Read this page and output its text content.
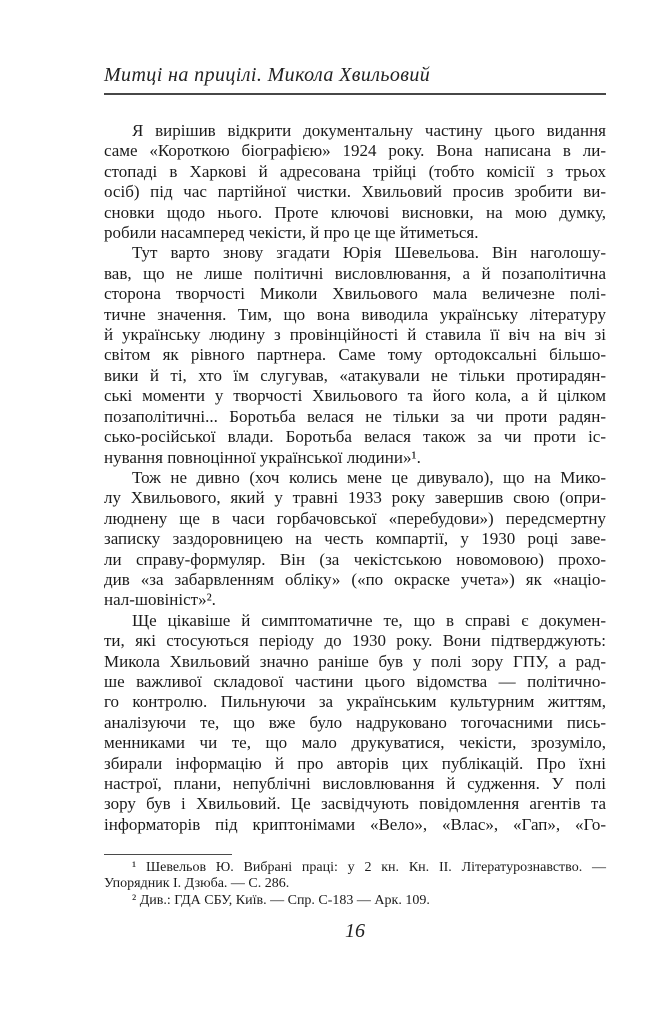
Митці на прицілі. Микола Хвильовий

Я вирішив відкрити документальну частину цього видання
саме «Короткою біографією» 1924 року. Вона написана в ли-
стопаді в Харкові й адресована трійці (тобто комісії з трьох
осіб) під час партійної чистки. Хвильовий просив зробити ви-
сновки щодо нього. Проте ключові висновки, на мою думку,
робили насамперед чекісти, й про це ще йтиметься.

Тут варто знову згадати Юрія Шевельова. Він наголошу-
вав, що не лише політичні висловлювання, а й позаполітична
сторона творчості Миколи Хвильового мала величезне полі-
тичне значення. Тим, що вона виводила українську літературу
й українську людину з провінційності й ставила її віч на віч зі
світом як рівного партнера. Саме тому ортодоксальні більшо-
вики й ті, хто їм слугував, «атакували не тільки протирадян-
ські моменти у творчості Хвильового та його кола, а й цілком
позаполітичні... Боротьба велася не тільки за чи проти радян-
сько-російської влади. Боротьба велася також за чи проти іс-
нування повноцінної української людини»¹.

Тож не дивно (хоч колись мене це дивувало), що на Мико-
лу Хвильового, який у травні 1933 року завершив свою (опри-
люднену ще в часи горбачовської «перебудови») передсмертну
записку заздоровницею на честь компартії, у 1930 році заве-
ли справу-формуляр. Він (за чекістською новомовою) прохо-
див «за забарвленням обліку» («по окраске учета») як «націо-
нал-шовініст»².

Ще цікавіше й симптоматичне те, що в справі є докумен-
ти, які стосуються періоду до 1930 року. Вони підтверджують:
Микола Хвильовий значно раніше був у полі зору ГПУ, а рад-
ше важливої складової частини цього відомства — політично-
го контролю. Пильнуючи за українським культурним життям,
аналізуючи те, що вже було надруковано тогочасними пись-
менниками чи те, що мало друкуватися, чекісти, зрозуміло,
збирали інформацію й про авторів цих публікацій. Про їхні
настрої, плани, непублічні висловлювання й судження. У полі
зору був і Хвильовий. Це засвідчують повідомлення агентів та
інформаторів під криптонімами «Вело», «Влас», «Гап», «Го-

¹ Шевельов Ю. Вибрані праці: у 2 кн. Кн. II. Літературознавство. —
Упорядник І. Дзюба. — С. 286.

² Див.: ГДА СБУ, Київ. — Спр. С-183 — Арк. 109.

16
